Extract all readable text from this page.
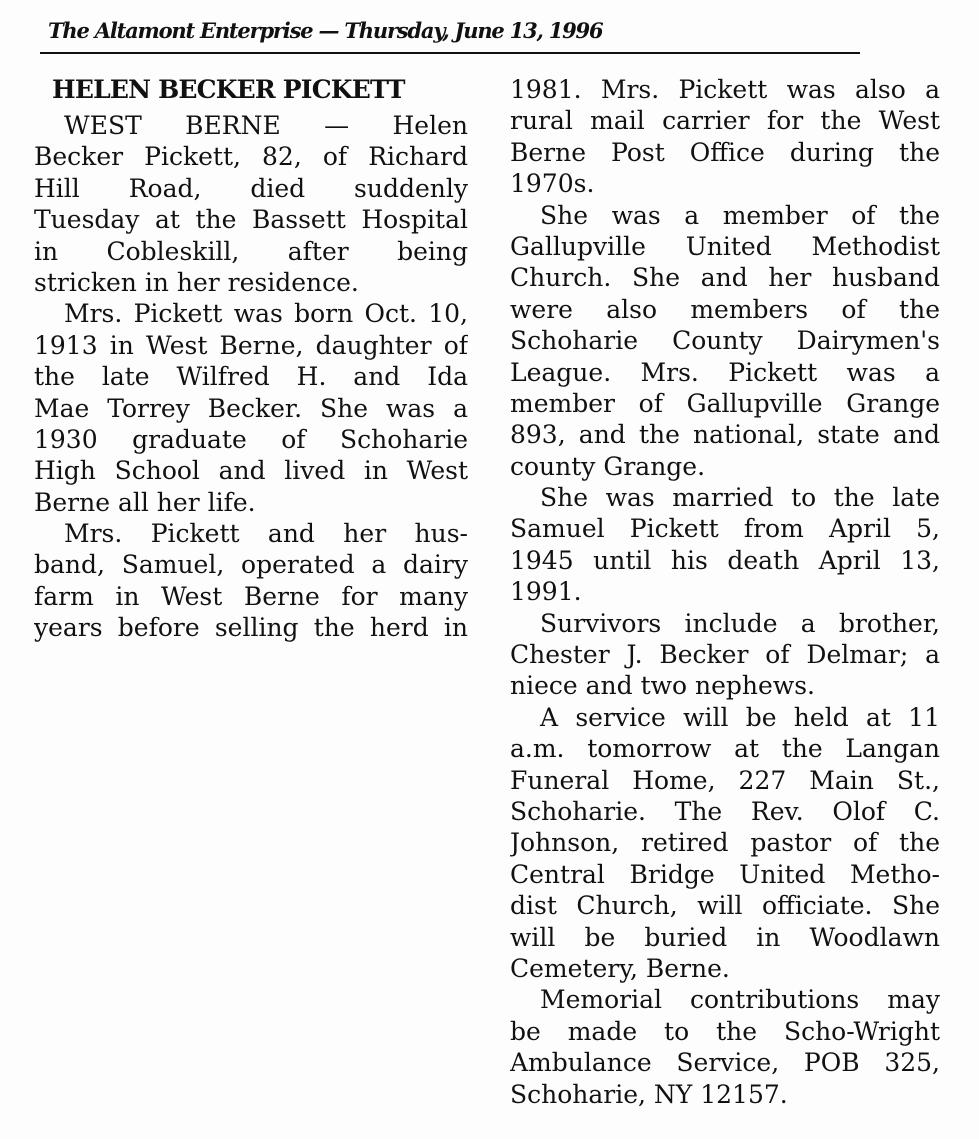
The Altamont Enterprise — Thursday, June 13, 1996
HELEN BECKER PICKETT
WEST BERNE — Helen
Becker Pickett, 82, of Richard
Hill Road, died suddenly
Tuesday at the Bassett Hospital
in Cobleskill, after being
stricken in her residence.
Mrs. Pickett was born Oct. 10,
1913 in West Berne, daughter of
the late Wilfred H. and Ida
Mae Torrey Becker. She was a
1930 graduate of Schoharie
High School and lived in West
Berne all her life.
Mrs. Pickett and her hus-
band, Samuel, operated a dairy
farm in West Berne for many
years before selling the herd in
1981. Mrs. Pickett was also a
rural mail carrier for the West
Berne Post Office during the
1970s.
She was a member of the
Gallupville United Methodist
Church. She and her husband
were also members of the
Schoharie County Dairymen's
League. Mrs. Pickett was a
member of Gallupville Grange
893, and the national, state and
county Grange.
She was married to the late
Samuel Pickett from April 5,
1945 until his death April 13,
1991.
Survivors include a brother,
Chester J. Becker of Delmar; a
niece and two nephews.
A service will be held at 11
a.m. tomorrow at the Langan
Funeral Home, 227 Main St.,
Schoharie. The Rev. Olof C.
Johnson, retired pastor of the
Central Bridge United Metho-
dist Church, will officiate. She
will be buried in Woodlawn
Cemetery, Berne.
Memorial contributions may
be made to the Scho-Wright
Ambulance Service, POB 325,
Schoharie, NY 12157.
